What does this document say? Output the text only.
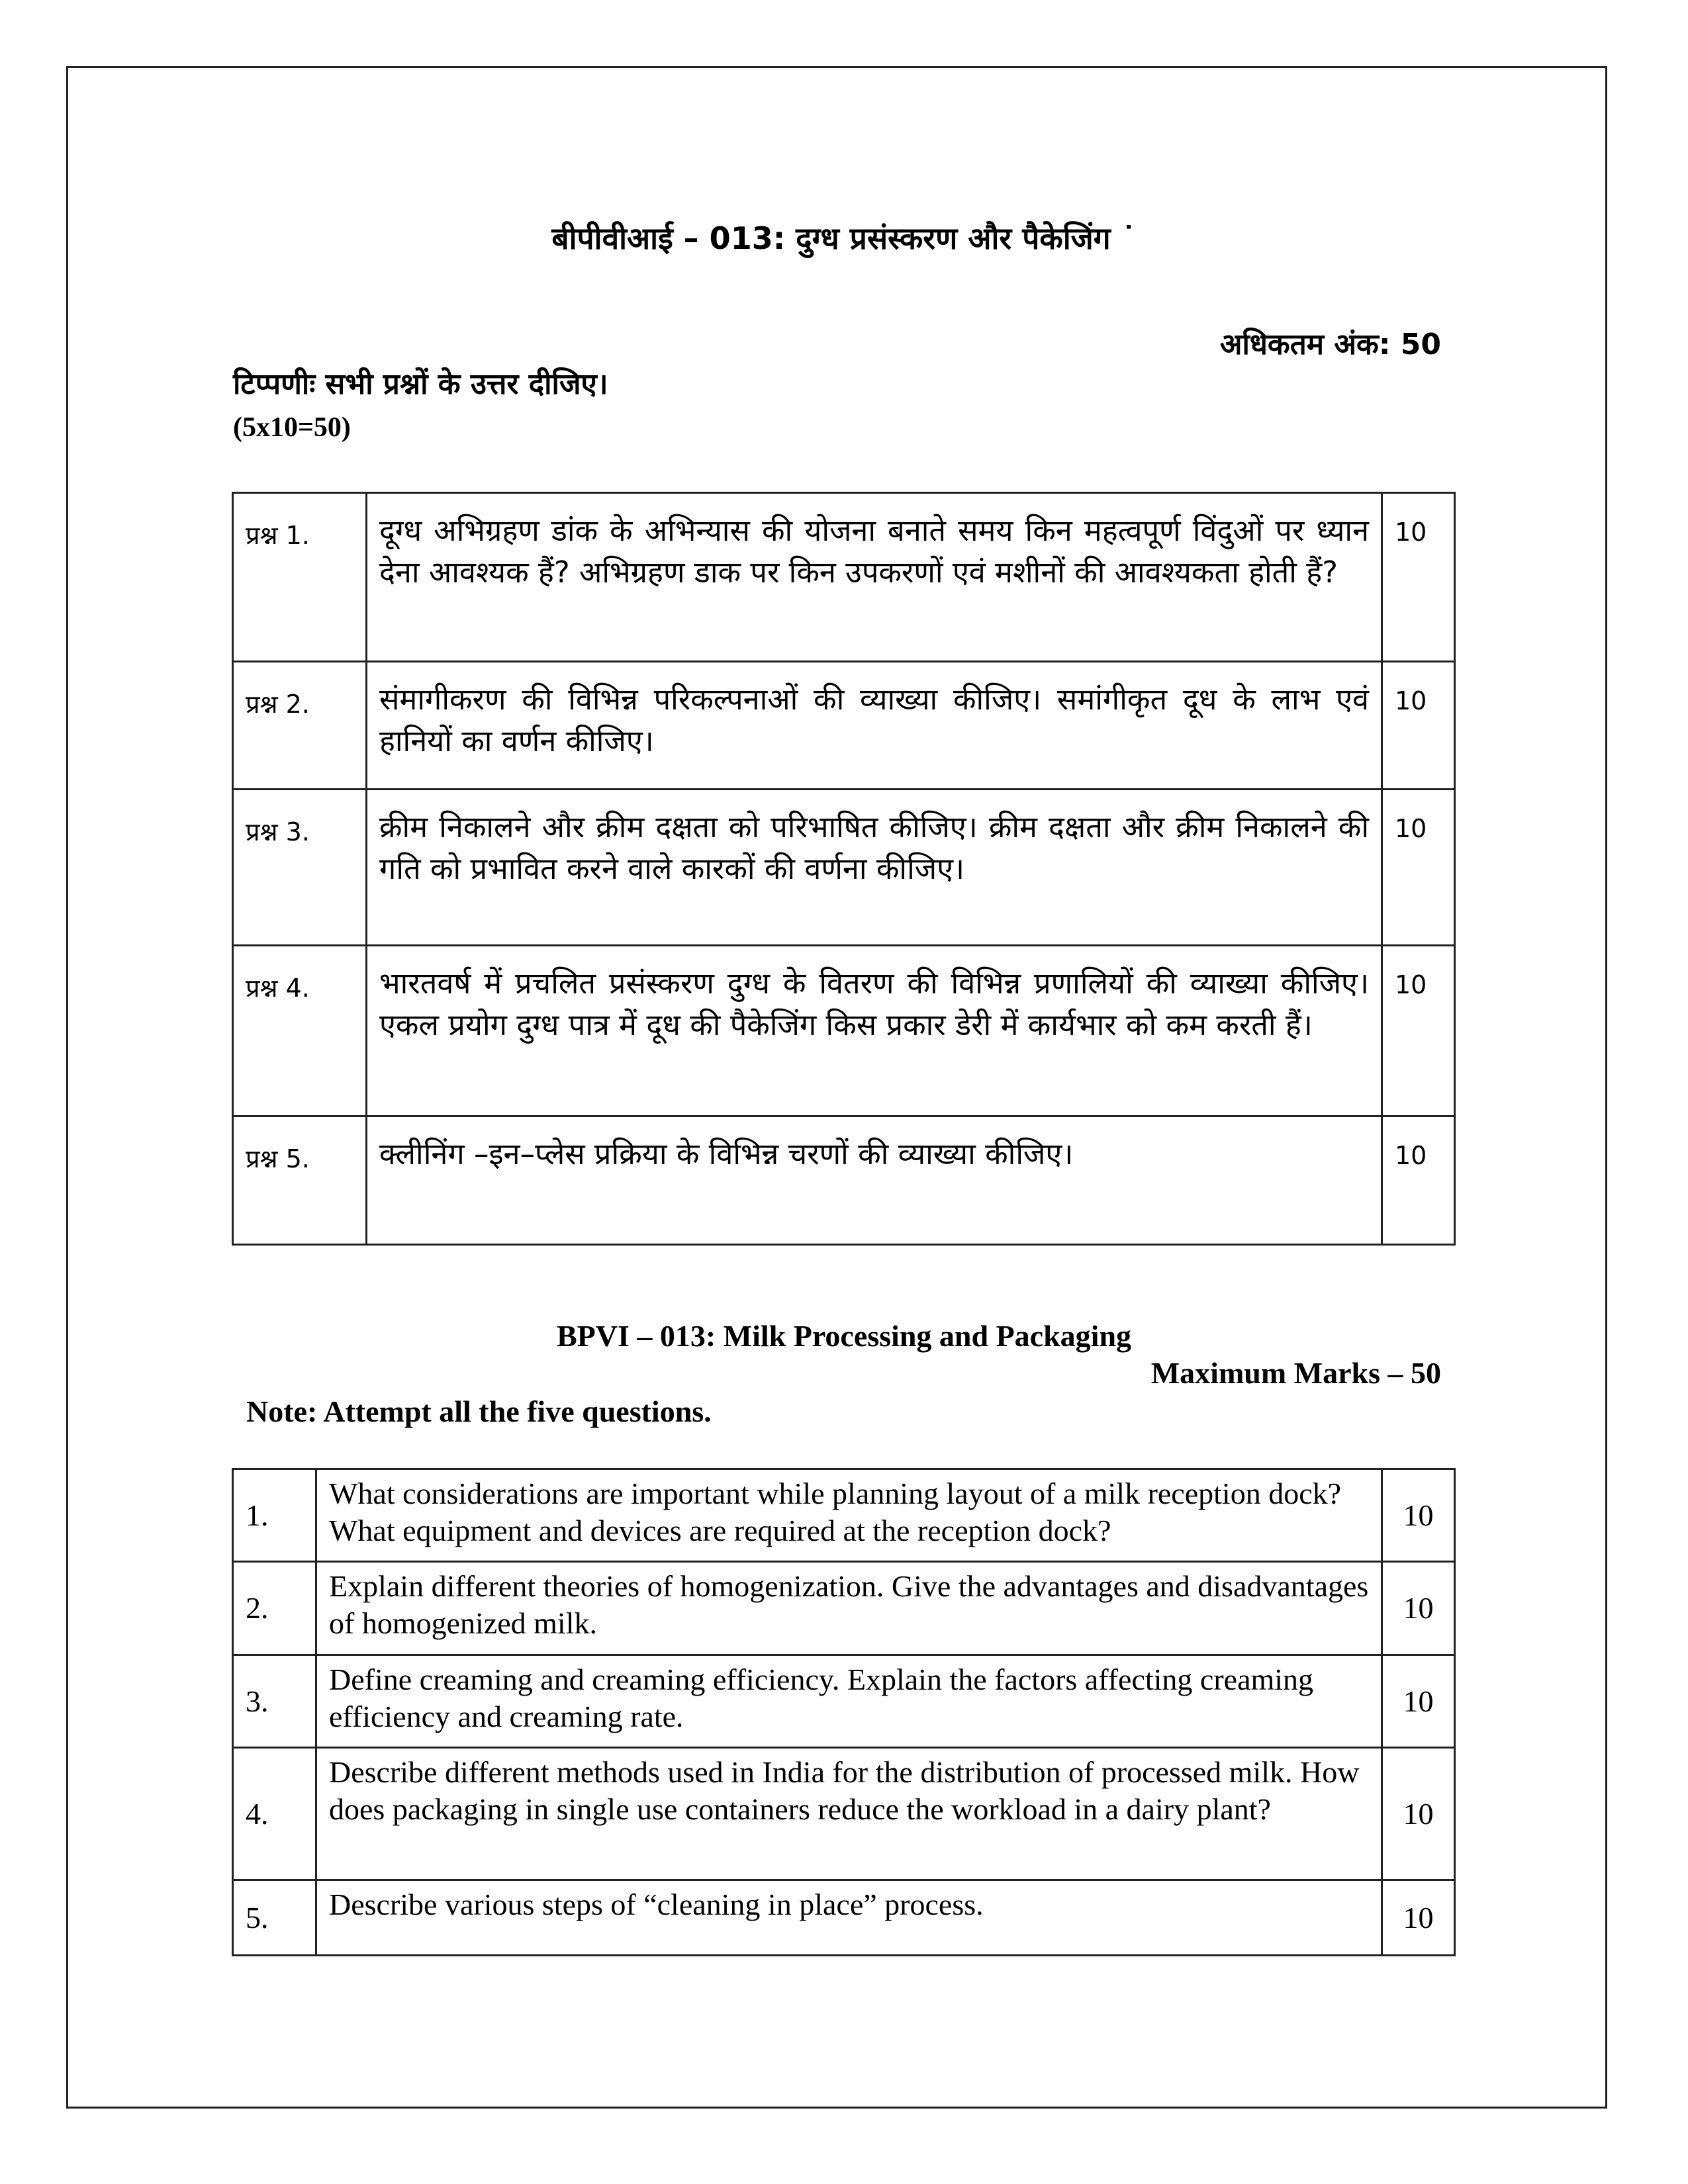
बीपीवीआई – 013: दुग्ध प्रसंस्करण और पैकेजिंग ˙
अधिकतम अंक: 50
टिप्पणीः सभी प्रश्नों के उत्तर दीजिए।
(5x10=50)
प्रश्न 1.	दूग्ध अभिग्रहण डांक के अभिन्यास की योजना बनाते समय किन महत्वपूर्ण विंदुओं पर ध्यान देना आवश्यक हैं? अभिग्रहण डाक पर किन उपकरणों एवं मशीनों की आवश्यकता होती हैं?	10
प्रश्न 2.	संमागीकरण की विभिन्न परिकल्पनाओं की व्याख्या कीजिए। समांगीकृत दूध के लाभ एवं हानियों का वर्णन कीजिए।	10
प्रश्न 3.	क्रीम निकालने और क्रीम दक्षता को परिभाषित कीजिए। क्रीम दक्षता और क्रीम निकालने की गति को प्रभावित करने वाले कारकों की वर्णना कीजिए।	10
प्रश्न 4.	भारतवर्ष में प्रचलित प्रसंस्करण दुग्ध के वितरण की विभिन्न प्रणालियों की व्याख्या कीजिए। एकल प्रयोग दुग्ध पात्र में दूध की पैकेजिंग किस प्रकार डेरी में कार्यभार को कम करती हैं।	10
प्रश्न 5.	क्लीनिंग –इन–प्लेस प्रक्रिया के विभिन्न चरणों की व्याख्या कीजिए।	10
BPVI – 013: Milk Processing and Packaging
Maximum Marks – 50
Note: Attempt all the five questions.
1.	What considerations are important while planning layout of a milk reception dock? What equipment and devices are required at the reception dock?	10
2.	Explain different theories of homogenization. Give the advantages and disadvantages of homogenized milk.	10
3.	Define creaming and creaming efficiency. Explain the factors affecting creaming efficiency and creaming rate.	10
4.	Describe different methods used in India for the distribution of processed milk. How does packaging in single use containers reduce the workload in a dairy plant?	10
5.	Describe various steps of “cleaning in place” process.	10
